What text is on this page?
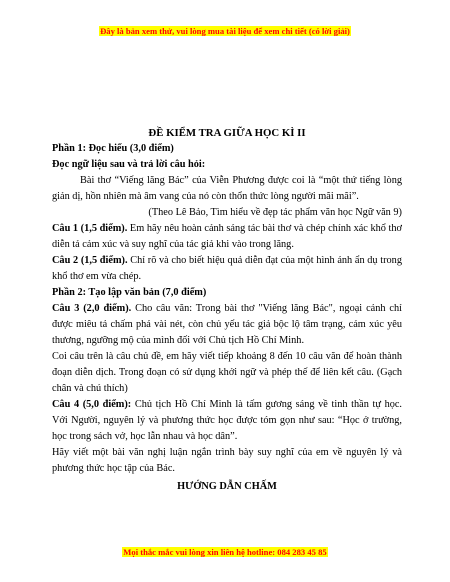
Đây là bản xem thử, vui lòng mua tài liệu để xem chi tiết (có lời giải)

ĐỀ KIỂM TRA GIỮA HỌC KÌ II

Phần 1: Đọc hiểu (3,0 điểm)

Đọc ngữ liệu sau và trả lời câu hỏi:

Bài thơ “Viếng lăng Bác” của Viễn Phương được coi là “một thứ tiếng lòng giản dị, hồn nhiên mà âm vang của nó còn thổn thức lòng người mãi mãi”.

(Theo Lê Bảo, Tìm hiểu về đẹp tác phẩm văn học Ngữ văn 9)

Câu 1 (1,5 điểm). Em hãy nêu hoàn cảnh sáng tác bài thơ và chép chính xác khổ thơ diễn tả cảm xúc và suy nghĩ của tác giả khi vào trong lăng.

Câu 2 (1,5 điểm). Chỉ rõ và cho biết hiệu quả diễn đạt của một hình ảnh ẩn dụ trong khổ thơ em vừa chép.

Phần 2: Tạo lập văn bản (7,0 điểm)

Câu 3 (2,0 điểm). Cho câu văn: Trong bài thơ "Viếng lăng Bác", ngoại cảnh chỉ được miêu tả chấm phá vài nét, còn chủ yếu tác giả bộc lộ tâm trạng, cảm xúc yêu thương, ngưỡng mộ của mình đối với Chủ tịch Hồ Chí Minh.

Coi câu trên là câu chủ đề, em hãy viết tiếp khoảng 8 đến 10 câu văn để hoàn thành đoạn diễn dịch. Trong đoạn có sử dụng khởi ngữ và phép thế để liên kết câu. (Gạch chân và chú thích)

Câu 4 (5,0 điểm): Chủ tịch Hồ Chí Minh là tấm gương sáng về tinh thần tự học. Với Người, nguyên lý và phương thức học được tóm gọn như sau: “Học ở trường, học trong sách vở, học lẫn nhau và học dân”.

Hãy viết một bài văn nghị luận ngắn trình bày suy nghĩ của em về nguyên lý và phương thức học tập của Bác.

HƯỚNG DẪN CHẤM

Mọi thắc mắc vui lòng xin liên hệ hotline: 084 283 45 85
